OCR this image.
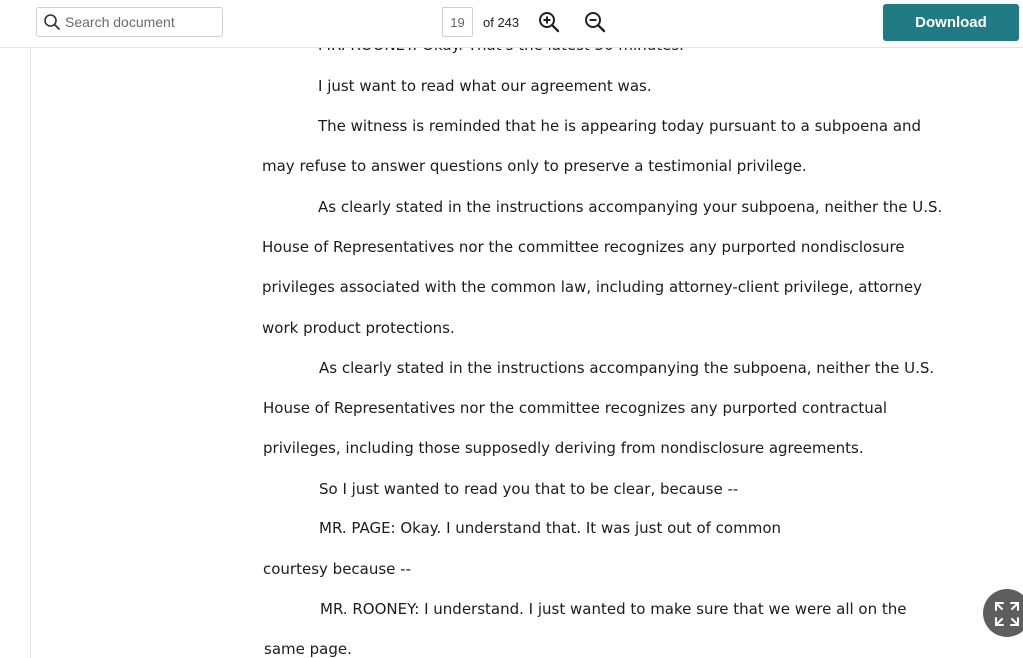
Search document
19
of 243	Download
I just want to read what our agreement was.
The witness is reminded that he is appearing today pursuant to a subpoena and
may refuse to answer questions only to preserve a testimonial privilege.
As clearly stated in the instructions accompanying your subpoena, neither the U.S.
House of Representatives nor the committee recognizes any purported nondisclosure
privileges associated with the common law, including attorney-client privilege, attorney
work product protections.
As clearly stated in the instructions accompanying the subpoena, neither the U.S.
House of Representatives nor the committee recognizes any purported contractual
privileges, including those supposedly deriving from nondisclosure agreements.
So I just wanted to read you that to be clear, because --
MR. PAGE: Okay. I understand that. It was just out of common
courtesy because --
MR. ROONEY: I understand. I just wanted to make sure that we were all on the
same page.
